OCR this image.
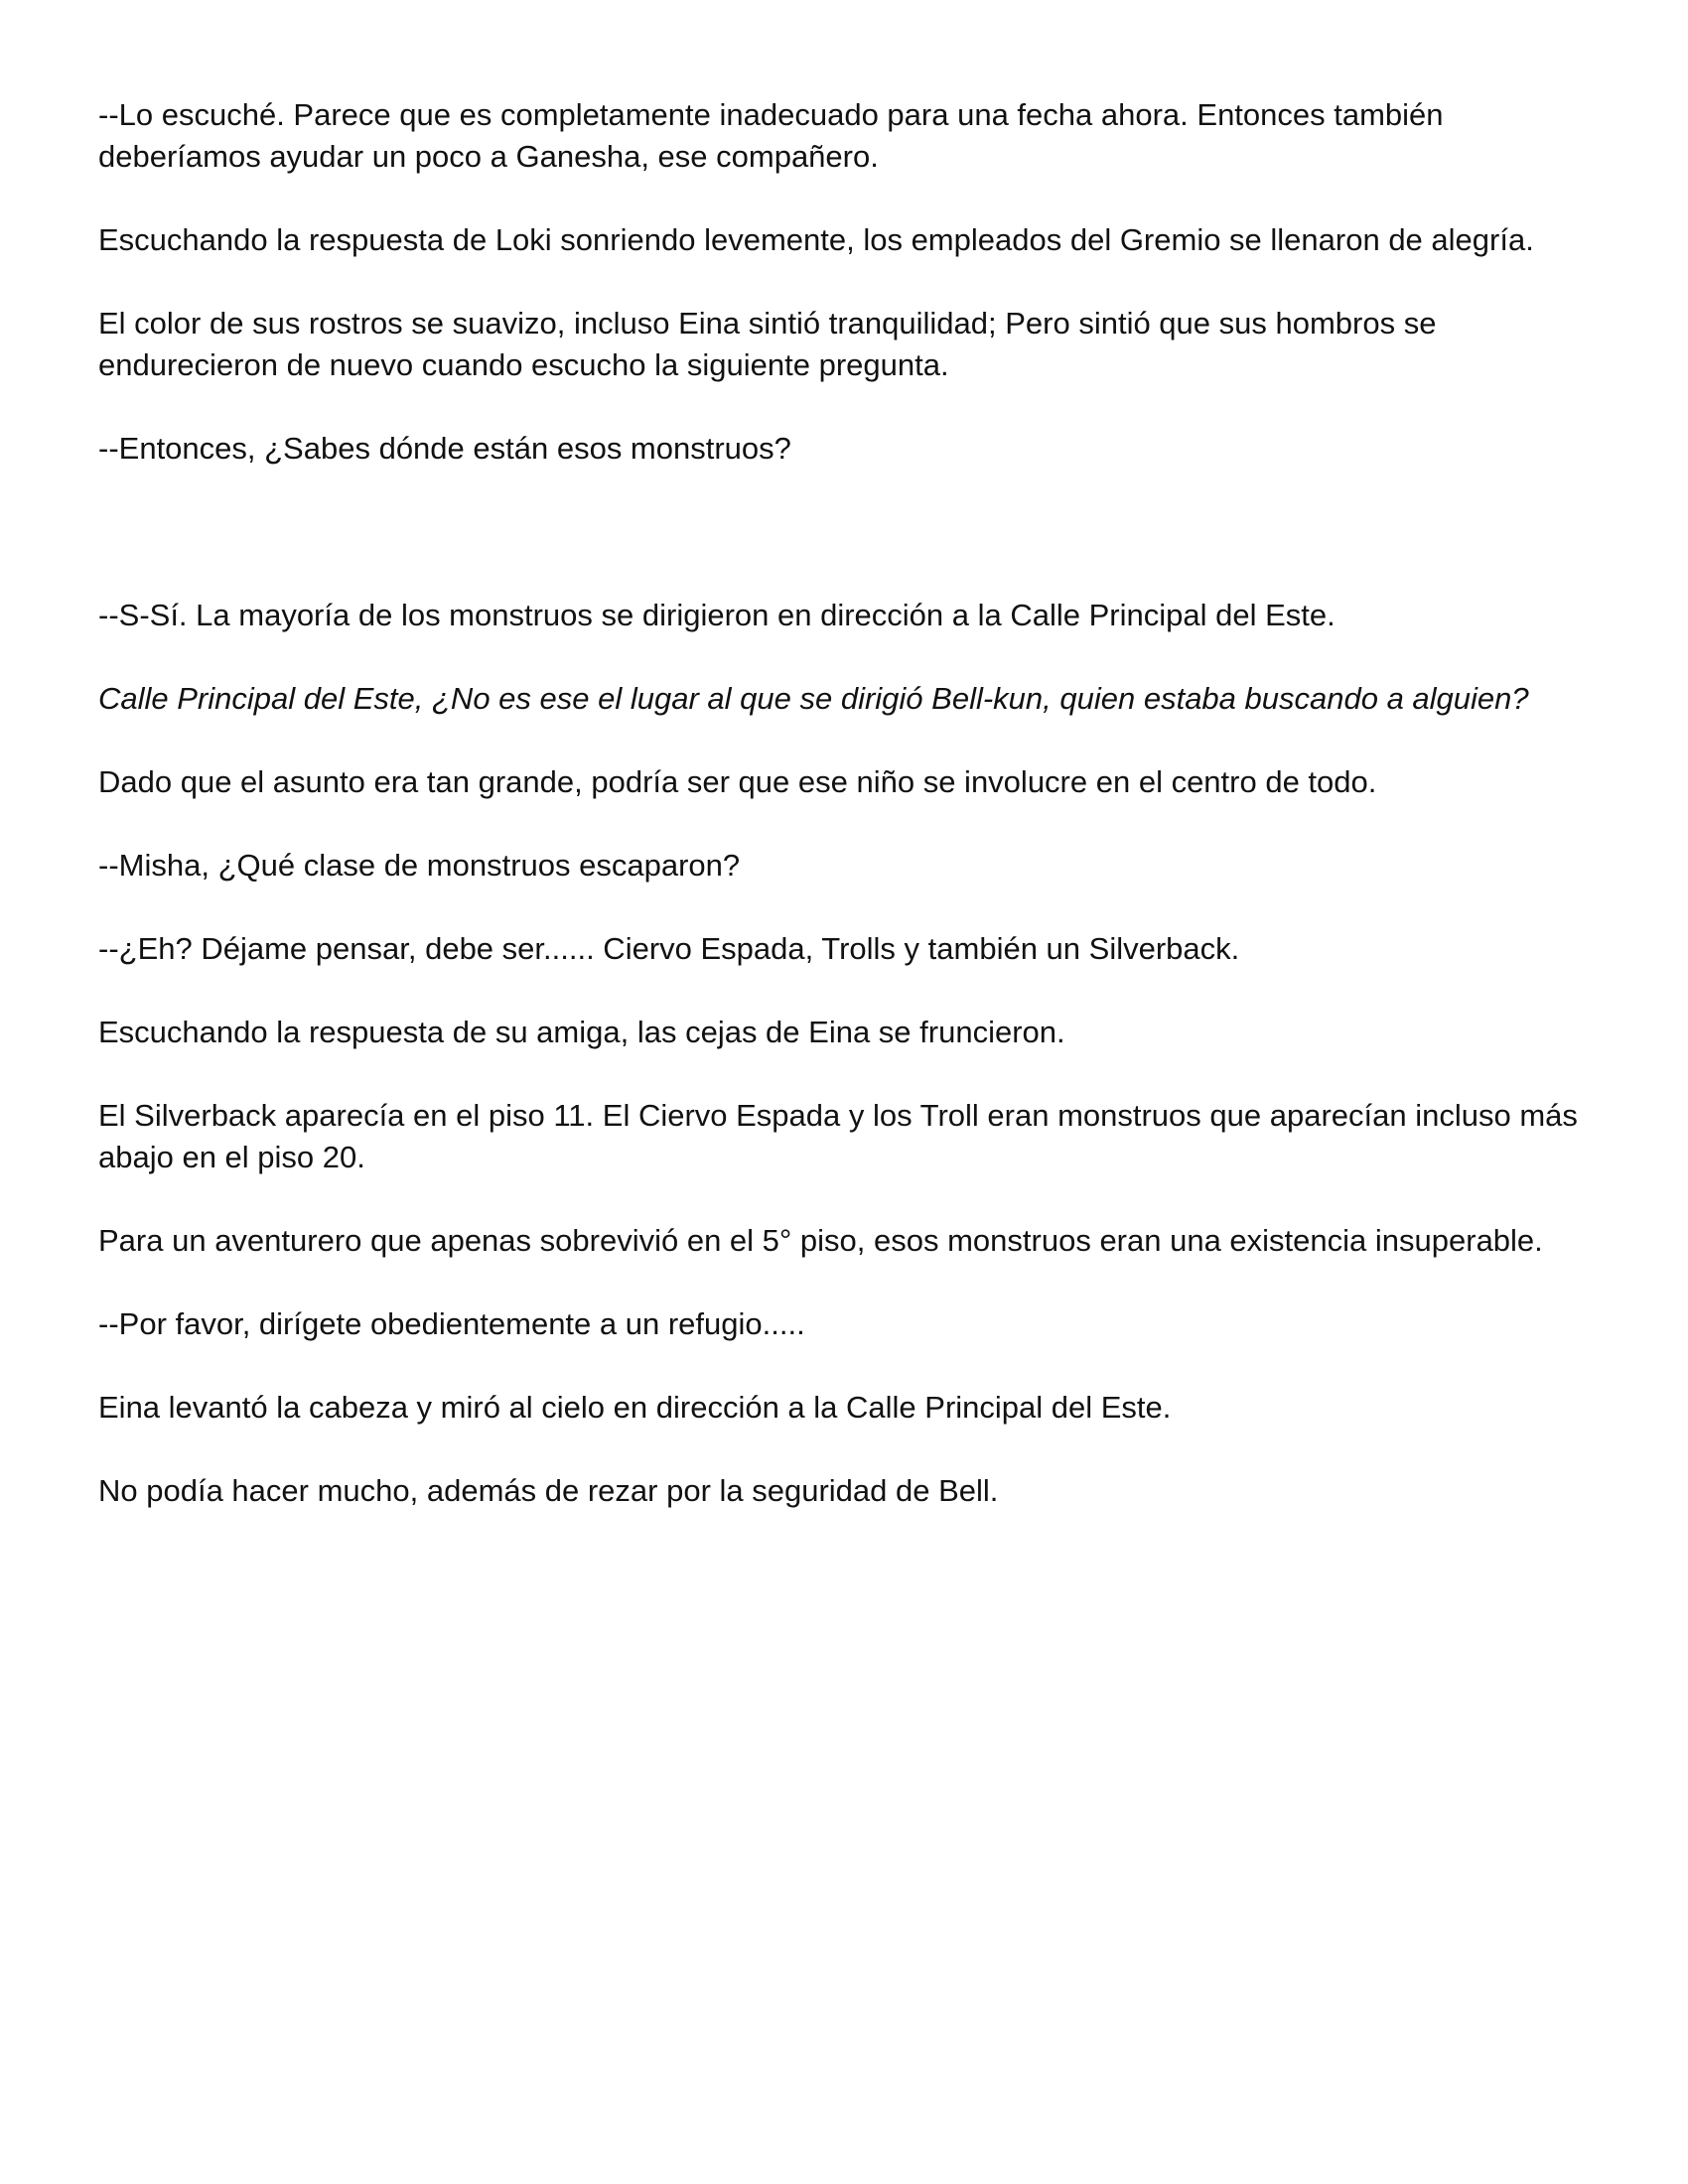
--Lo escuché. Parece que es completamente inadecuado para una fecha ahora. Entonces también deberíamos ayudar un poco a Ganesha, ese compañero.

Escuchando la respuesta de Loki sonriendo levemente, los empleados del Gremio se llenaron de alegría.

El color de sus rostros se suavizo, incluso Eina sintió tranquilidad; Pero sintió que sus hombros se endurecieron de nuevo cuando escucho la siguiente pregunta.

--Entonces, ¿Sabes dónde están esos monstruos?

--S-Sí. La mayoría de los monstruos se dirigieron en dirección a la Calle Principal del Este.

Calle Principal del Este, ¿No es ese el lugar al que se dirigió Bell-kun, quien estaba buscando a alguien?

Dado que el asunto era tan grande, podría ser que ese niño se involucre en el centro de todo.

--Misha, ¿Qué clase de monstruos escaparon?

--¿Eh? Déjame pensar, debe ser...... Ciervo Espada, Trolls y también un Silverback.

Escuchando la respuesta de su amiga, las cejas de Eina se fruncieron.

El Silverback aparecía en el piso 11. El Ciervo Espada y los Troll eran monstruos que aparecían incluso más abajo en el piso 20.

Para un aventurero que apenas sobrevivió en el 5° piso, esos monstruos eran una existencia insuperable.

--Por favor, dirígete obedientemente a un refugio.....

Eina levantó la cabeza y miró al cielo en dirección a la Calle Principal del Este.

No podía hacer mucho, además de rezar por la seguridad de Bell.
